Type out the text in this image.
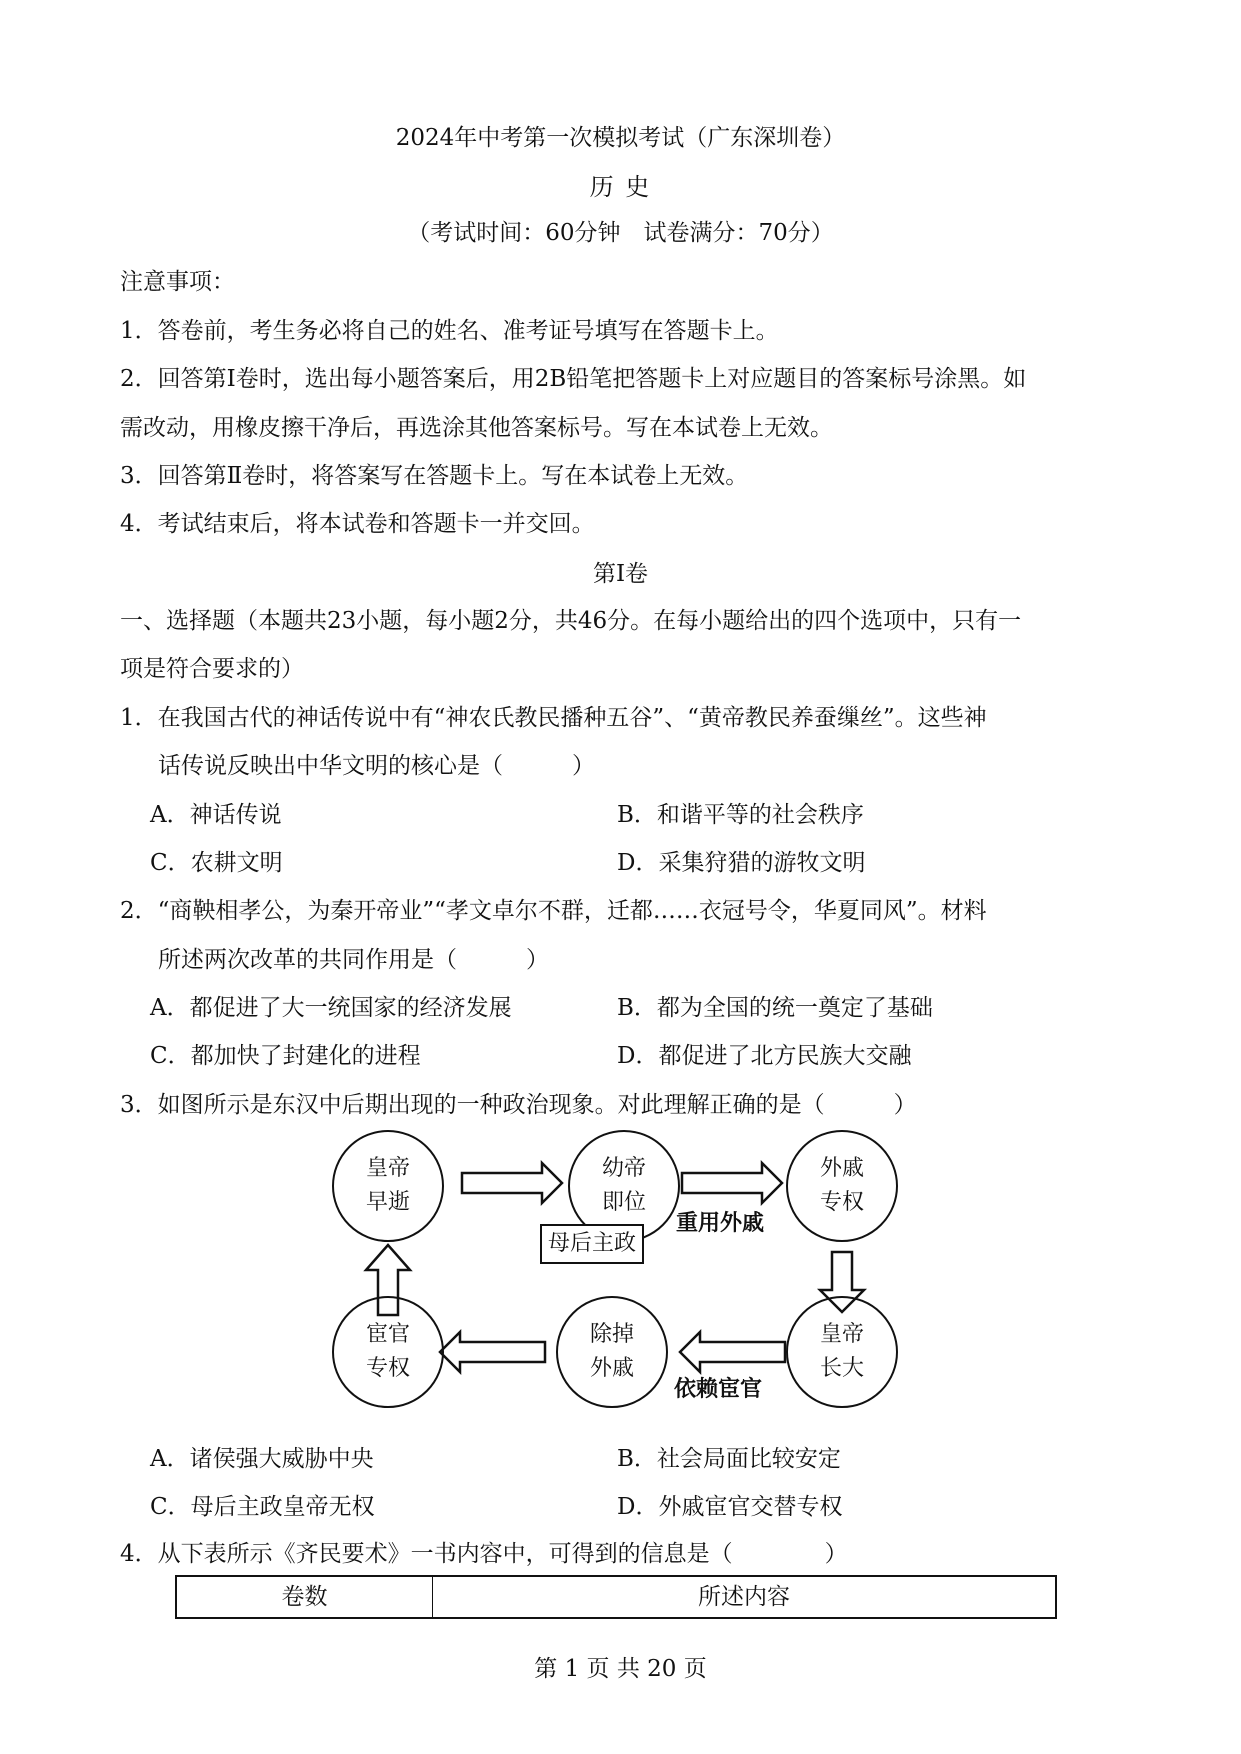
2024年中考第一次模拟考试（广东深圳卷）
历 史
（考试时间：60分钟　试卷满分：70分）
注意事项：
1．答卷前，考生务必将自己的姓名、准考证号填写在答题卡上。
2．回答第Ⅰ卷时，选出每小题答案后，用2B铅笔把答题卡上对应题目的答案标号涂黑。如
需改动，用橡皮擦干净后，再选涂其他答案标号。写在本试卷上无效。
3．回答第Ⅱ卷时，将答案写在答题卡上。写在本试卷上无效。
4．考试结束后，将本试卷和答题卡一并交回。
第Ⅰ卷
一、选择题（本题共23小题，每小题2分，共46分。在每小题给出的四个选项中，只有一
项是符合要求的）
1．在我国古代的神话传说中有“神农氏教民播种五谷”、“黄帝教民养蚕缫丝”。这些神
话传说反映出中华文明的核心是（　　　）
A．神话传说	B．和谐平等的社会秩序
C．农耕文明	D．采集狩猎的游牧文明
2．“商鞅相孝公，为秦开帝业”“孝文卓尔不群，迁都……衣冠号令，华夏同风”。材料
所述两次改革的共同作用是（　　　）
A．都促进了大一统国家的经济发展	B．都为全国的统一奠定了基础
C．都加快了封建化的进程	D．都促进了北方民族大交融
3．如图所示是东汉中后期出现的一种政治现象。对此理解正确的是（　　　）
皇帝
早逝
幼帝
即位
母后主政
外戚
专权
重用外戚
皇帝
长大
依赖宦官
除掉
外戚
宦官
专权
A．诸侯强大威胁中央	B．社会局面比较安定
C．母后主政皇帝无权	D．外戚宦官交替专权
4．从下表所示《齐民要术》一书内容中，可得到的信息是（　　　　）
卷数	所述内容
第 1 页 共 20 页
